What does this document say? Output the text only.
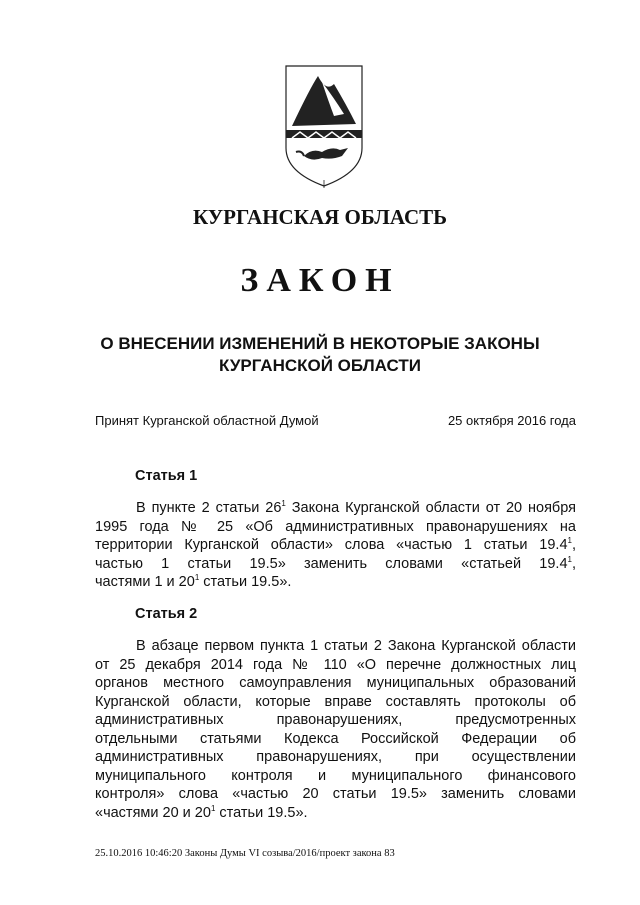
КУРГАНСКАЯ ОБЛАСТЬ
ЗАКОН
О ВНЕСЕНИИ ИЗМЕНЕНИЙ В НЕКОТОРЫЕ ЗАКОНЫ
КУРГАНСКОЙ ОБЛАСТИ
Принят Курганской областной Думой	25 октября 2016 года
Статья 1
В пункте 2 статьи $26^1$ Закона Курганской области от 20 ноября
1995 года № 25 «Об административных правонарушениях на
территории Курганской области» слова «частью 1 статьи 19.4$^1$,
частью 1 статьи 19.5» заменить словами «статьей 19.4$^1$,
частями 1 и $20^1$ статьи 19.5».
Статья 2
В абзаце первом пункта 1 статьи 2 Закона Курганской области
от 25 декабря 2014 года № 110 «О перечне должностных лиц
органов местного самоуправления муниципальных образований
Курганской области, которые вправе составлять протоколы об
административных правонарушениях, предусмотренных
отдельными статьями Кодекса Российской Федерации об
административных правонарушениях, при осуществлении
муниципального контроля и муниципального финансового
контроля» слова «частью 20 статьи 19.5» заменить словами
«частями 20 и $20^1$ статьи 19.5».
25.10.2016 10:46:20 Законы Думы VI созыва/2016/проект закона 83
